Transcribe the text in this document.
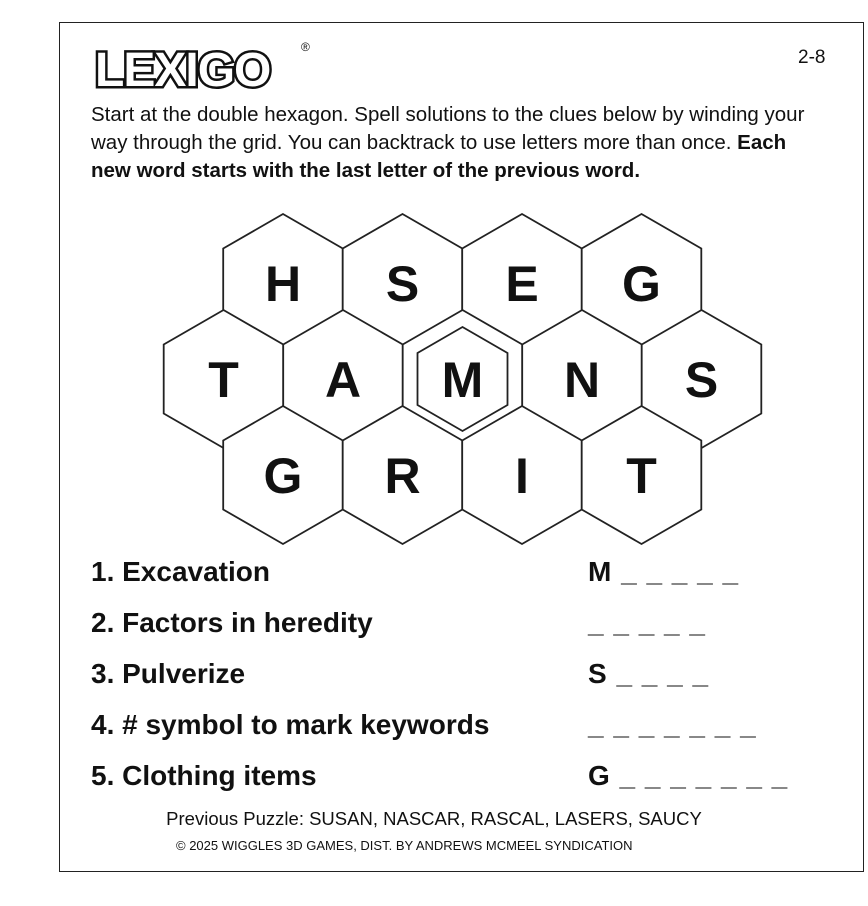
LEXIGO	®	2-8

Start at the double hexagon. Spell solutions to the clues below by winding your way through the grid. You can backtrack to use letters more than once. Each new word starts with the last letter of the previous word.

H S E G
T A M N S
G R I T
1. Excavation	M _ _ _ _ _
2. Factors in heredity	_ _ _ _ _
3. Pulverize	S _ _ _ _
4. # symbol to mark keywords	_ _ _ _ _ _ _
5. Clothing items	G _ _ _ _ _ _ _
Previous Puzzle: SUSAN, NASCAR, RASCAL, LASERS, SAUCY
© 2025 WIGGLES 3D GAMES, DIST. BY ANDREWS MCMEEL SYNDICATION
